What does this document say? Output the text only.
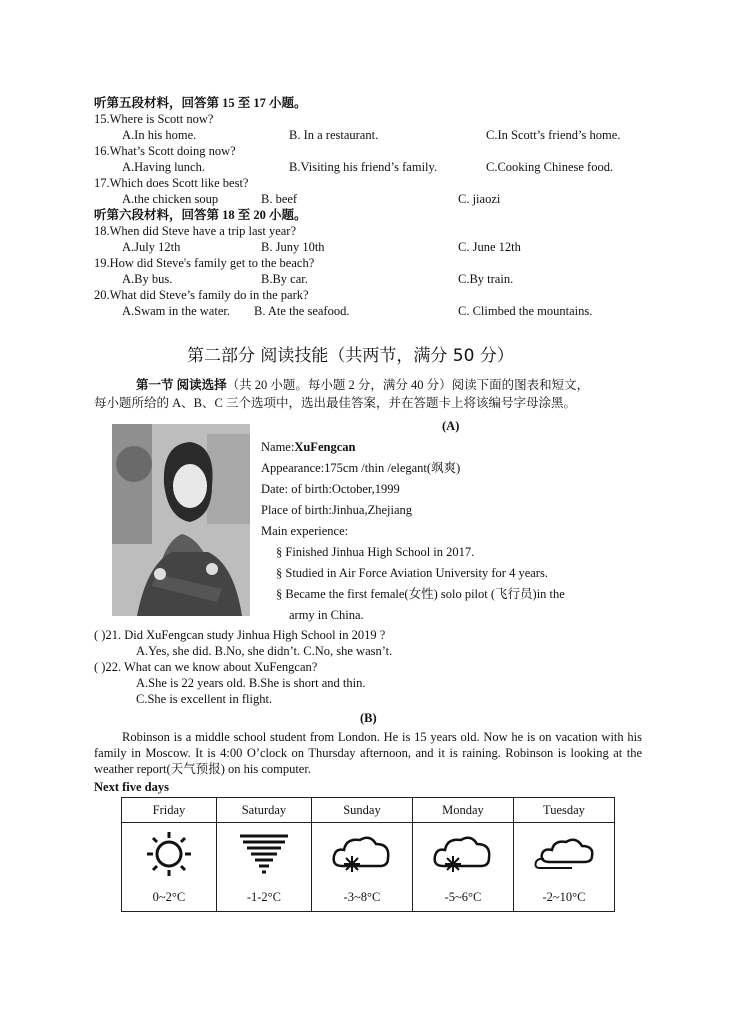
听第五段材料，回答第 15 至 17 小题。
15.Where is Scott now?
A.In his home.	B. In a restaurant.	C.In Scott’s friend’s home.
16.What’s Scott doing now?
A.Having lunch.	B.Visiting his friend’s family.	C.Cooking Chinese food.
17.Which does Scott like best?
A.the chicken soup	B. beef	C. jiaozi
听第六段材料，回答第 18 至 20 小题。
18.When did Steve have a trip last year?
A.July 12th	B. Juny 10th	C. June 12th
19.How did Steve's family get to the beach?
A.By bus.	B.By car.	C.By train.
20.What did Steve’s family do in the park?
A.Swam in the water. B. Ate the seafood.	C. Climbed the mountains.
第二部分 阅读技能（共两节，满分 50 分）
第一节 阅读选择（共 20 小题。每小题 2 分，满分 40 分）阅读下面的图表和短文，
每小题所给的 A、B、C 三个选项中，选出最佳答案，并在答题卡上将该编号字母涂黑。
(A)
Name:XuFengcan
Appearance:175cm /thin /elegant(飒爽)
Date: of birth:October,1999
Place of birth:Jinhua,Zhejiang
Main experience:
§ Finished Jinhua High School in 2017.
§ Studied in Air Force Aviation University for 4 years.
§ Became the first female(女性) solo pilot (飞行员)in the
army in China.
( )21. Did XuFengcan study Jinhua High School in 2019 ?
A.Yes, she did. B.No, she didn’t. C.No, she wasn’t.
( )22. What can we know about XuFengcan?
A.She is 22 years old. B.She is short and thin.
C.She is excellent in flight.
(B)
Robinson is a middle school student from London. He is 15 years old. Now he is on vacation with his family in Moscow. It is 4:00 O’clock on Thursday afternoon, and it is raining. Robinson is looking at the weather report(天气预报) on his computer.
Next five days
Friday	Saturday	Sunday	Monday	Tuesday

0~2°C	-1-2°C	-3~8°C	-5~6°C	-2~10°C
